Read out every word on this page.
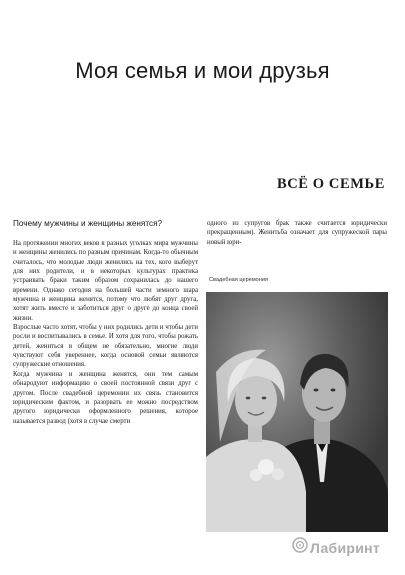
Моя семья и мои друзья
ВСЁ О СЕМЬЕ
Почему мужчины и женщины женятся?

На протяжении многих веков в разных уголках мира мужчины и женщины женились по разным причинам. Когда-то обычным считалось, что молодые люди женились на тех, кого выберут для них родители, и в некоторых культурах практика устраивать браки таким образом сохранилась до нашего времени. Однако сегодня на большей части земного шара мужчина и женщина женятся, потому что любят друг друга, хотят жить вместе и заботиться друг о друге до конца своей жизни.

Взрослые часто хотят, чтобы у них родились дети и чтобы дети росли и воспитывались в семье. И хотя для того, чтобы рожать детей, жениться в общем не обязательно, многие люди чувствуют себя увереннее, когда основой семьи являются супружеские отношения.

Когда мужчина и женщина женятся, они тем самым обнародуют информацию о своей постоянной связи друг с другом. После свадебной церемонии их связь становится юридическим фактом, и разорвать ее можно посредством другого юридически оформленного решения, которое называется развод (хотя в случае смерти

одного из супругов брак также считается юридически прекращенным). Женитьба означает для супружеской пары новый юри-
Свадебная церемония
Лабиринт
